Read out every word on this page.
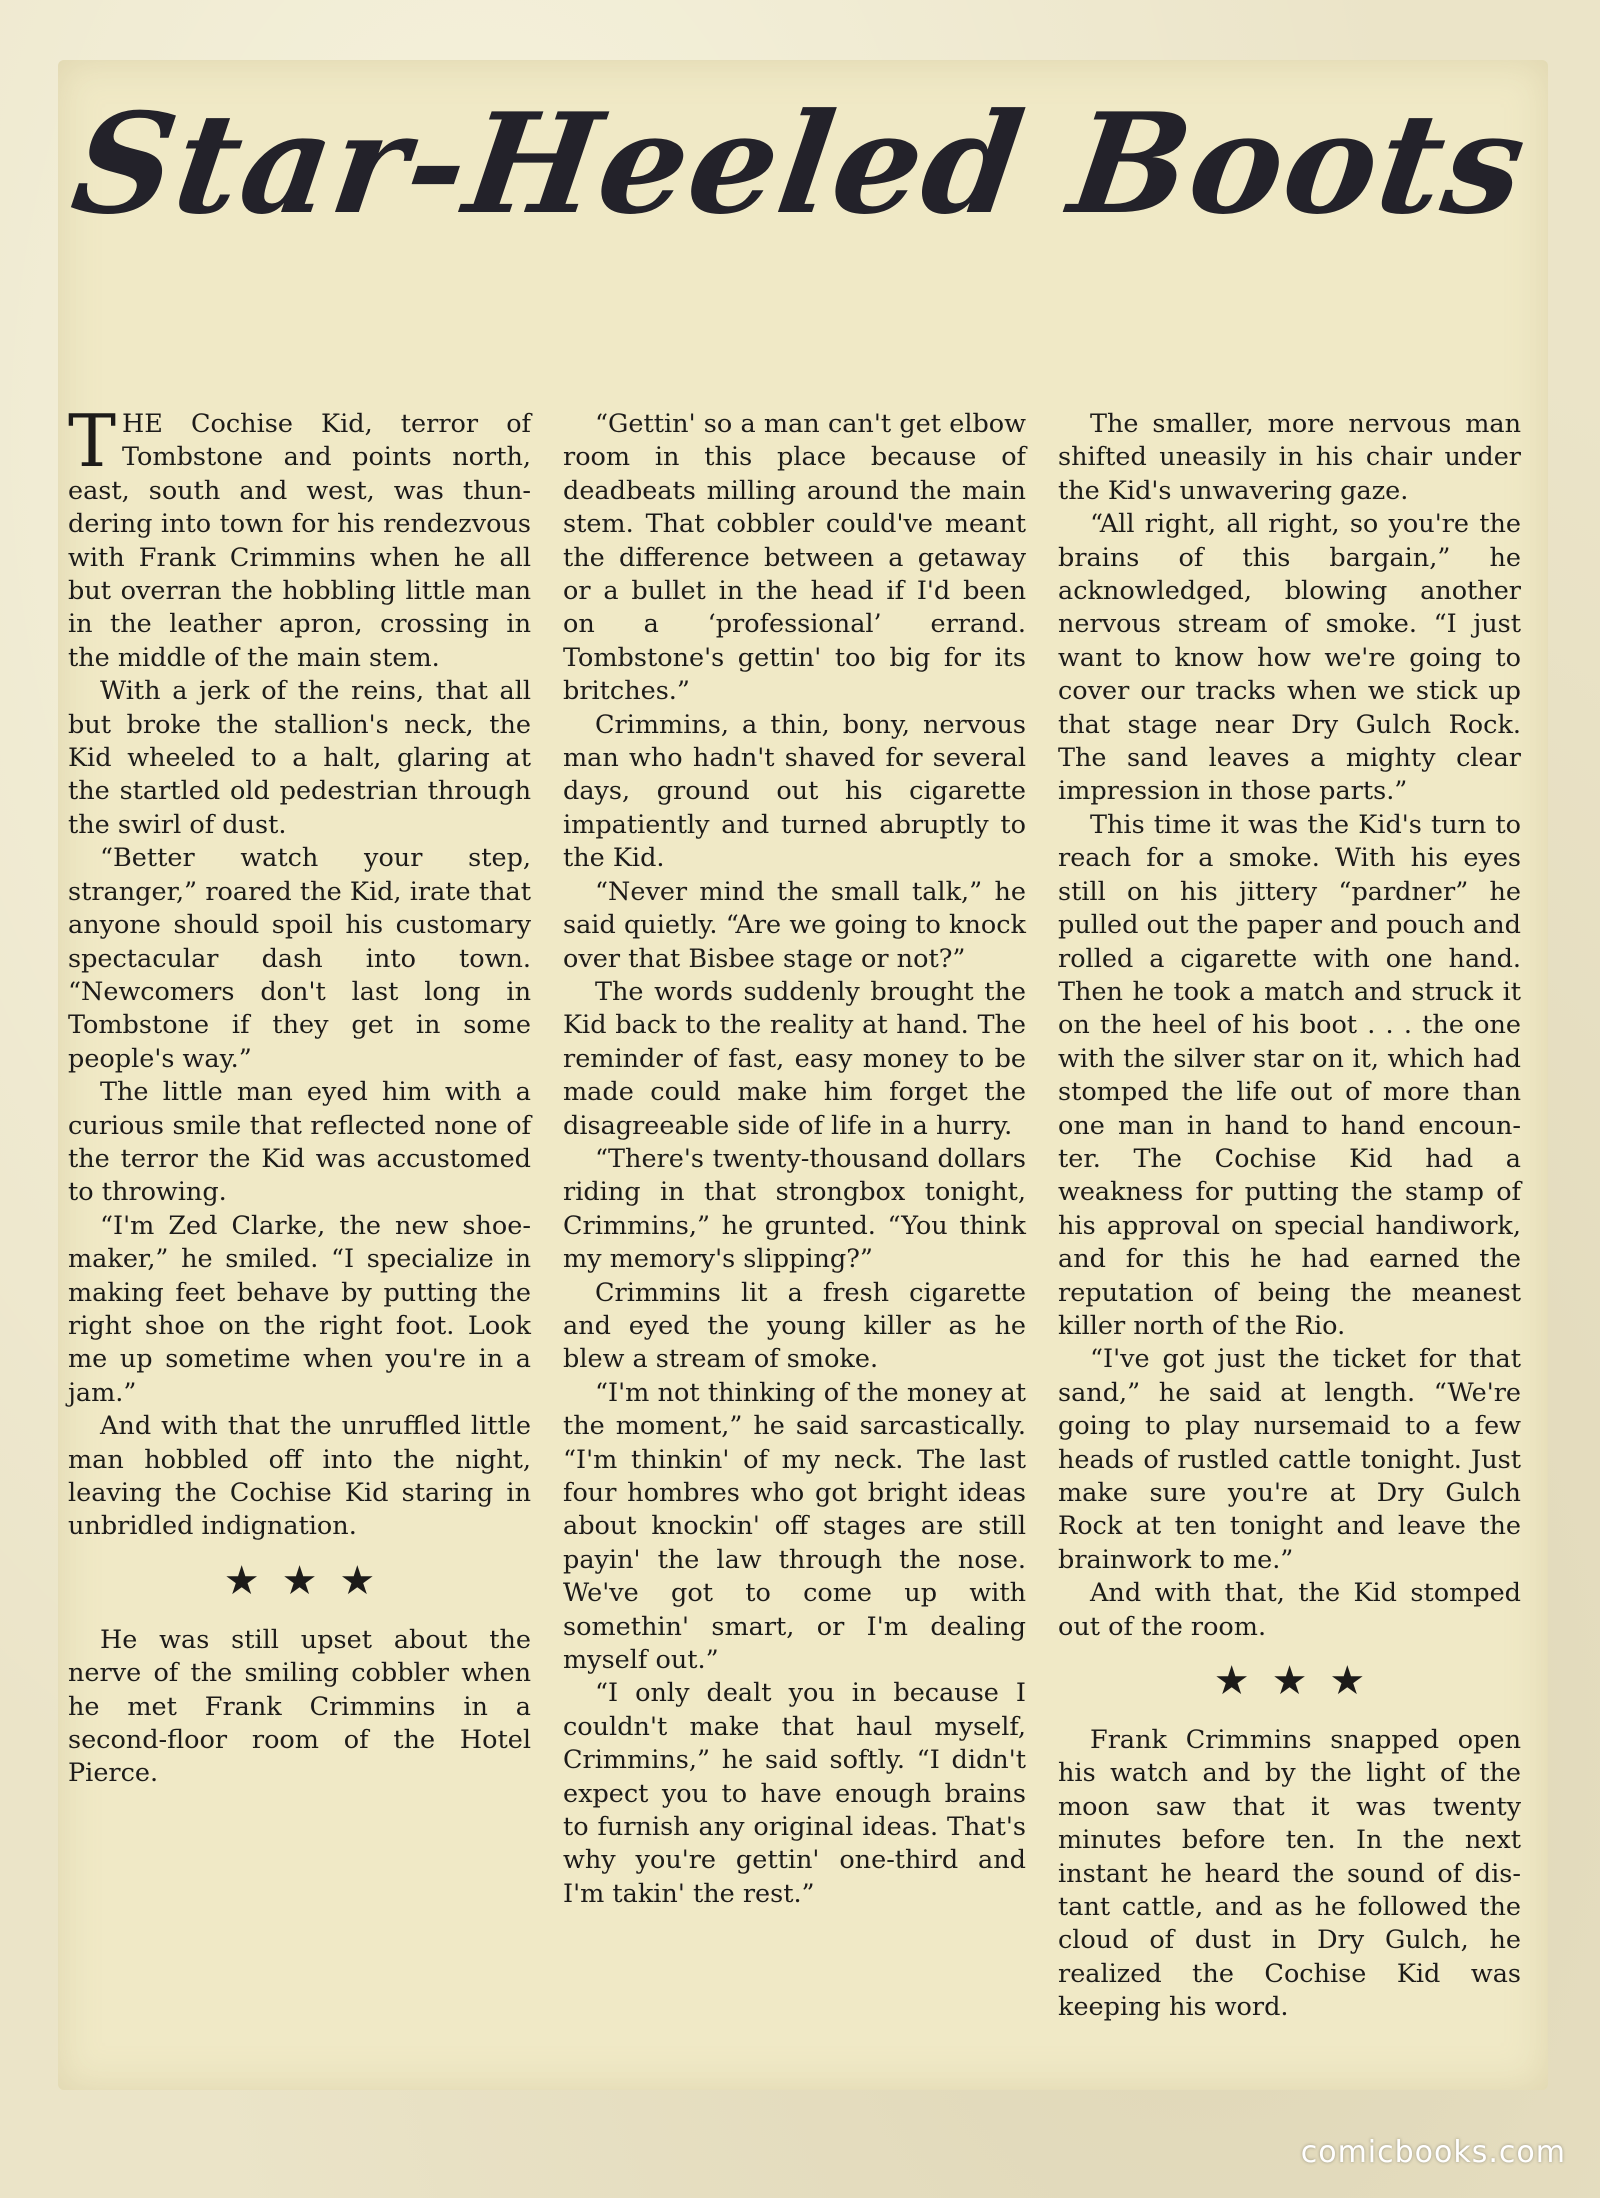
Star-Heeled Boots

THE Cochise Kid, terror of Tombstone and points north, east, south and west, was thundering into town for his rendezvous with Frank Crimmins when he all but overran the hobbling little man in the leather apron, crossing in the middle of the main stem.

With a jerk of the reins, that all but broke the stallion's neck, the Kid wheeled to a halt, glaring at the startled old pedestrian through the swirl of dust.

“Better watch your step, stranger,” roared the Kid, irate that anyone should spoil his customary spectacular dash into town. “Newcomers don't last long in Tombstone if they get in some people's way.”

The little man eyed him with a curious smile that reflected none of the terror the Kid was accustomed to throwing.

“I'm Zed Clarke, the new shoemaker,” he smiled. “I specialize in making feet behave by putting the right shoe on the right foot. Look me up sometime when you're in a jam.”

And with that the unruffled little man hobbled off into the night, leaving the Cochise Kid staring in unbridled indignation.

★★★

He was still upset about the nerve of the smiling cobbler when he met Frank Crimmins in a second-floor room of the Hotel Pierce.

“Gettin' so a man can't get elbow room in this place because of deadbeats milling around the main stem. That cobbler could've meant the difference between a getaway or a bullet in the head if I'd been on a ‘professional’ errand. Tombstone's gettin' too big for its britches.”

Crimmins, a thin, bony, nervous man who hadn't shaved for several days, ground out his cigarette impatiently and turned abruptly to the Kid.

“Never mind the small talk,” he said quietly. “Are we going to knock over that Bisbee stage or not?”

The words suddenly brought the Kid back to the reality at hand. The reminder of fast, easy money to be made could make him forget the disagreeable side of life in a hurry.

“There's twenty-thousand dollars riding in that strongbox tonight, Crimmins,” he grunted. “You think my memory's slipping?”

Crimmins lit a fresh cigarette and eyed the young killer as he blew a stream of smoke.

“I'm not thinking of the money at the moment,” he said sarcastically. “I'm thinkin' of my neck. The last four hombres who got bright ideas about knockin' off stages are still payin' the law through the nose. We've got to come up with somethin' smart, or I'm dealing myself out.”

“I only dealt you in because I couldn't make that haul myself, Crimmins,” he said softly. “I didn't expect you to have enough brains to furnish any original ideas. That's why you're gettin' one-third and I'm takin' the rest.”

The smaller, more nervous man shifted uneasily in his chair under the Kid's unwavering gaze.

“All right, all right, so you're the brains of this bargain,” he acknowledged, blowing another nervous stream of smoke. “I just want to know how we're going to cover our tracks when we stick up that stage near Dry Gulch Rock. The sand leaves a mighty clear impression in those parts.”

This time it was the Kid's turn to reach for a smoke. With his eyes still on his jittery “pardner” he pulled out the paper and pouch and rolled a cigarette with one hand. Then he took a match and struck it on the heel of his boot . . . the one with the silver star on it, which had stomped the life out of more than one man in hand to hand encounter. The Cochise Kid had a weakness for putting the stamp of his approval on special handiwork, and for this he had earned the reputation of being the meanest killer north of the Rio.

“I've got just the ticket for that sand,” he said at length. “We're going to play nursemaid to a few heads of rustled cattle tonight. Just make sure you're at Dry Gulch Rock at ten tonight and leave the brainwork to me.”

And with that, the Kid stomped out of the room.

★★★

Frank Crimmins snapped open his watch and by the light of the moon saw that it was twenty minutes before ten. In the next instant he heard the sound of distant cattle, and as he followed the cloud of dust in Dry Gulch, he realized the Cochise Kid was keeping his word.

comicbooks.com
